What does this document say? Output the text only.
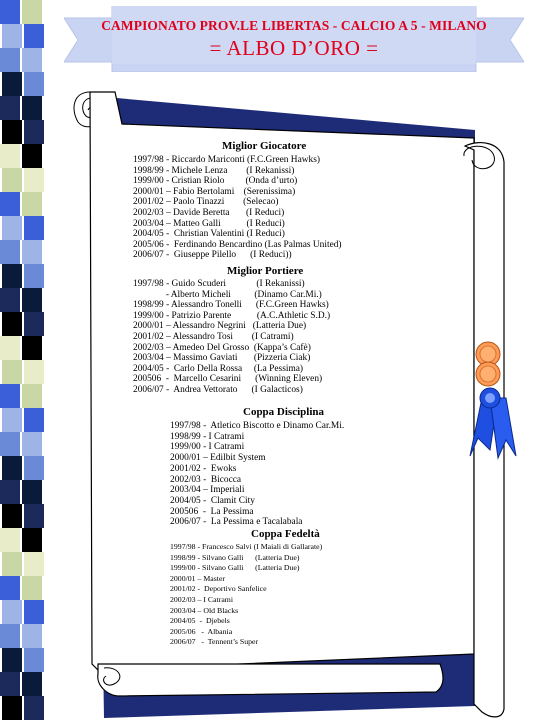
CAMPIONATO PROV.LE LIBERTAS - CALCIO A 5 - MILANO
= ALBO D’ORO =
Miglior Giocatore
1997/98 - Riccardo Mariconti (F.C.Green Hawks)
1998/99 - Michele Lenza        (I Rekanissi)
1999/00 - Cristian Riolo         (Onda d’urto)
2000/01 – Fabio Bertolami    (Serenissima)
2001/02 – Paolo Tinazzi        (Selecao)
2002/03 – Davide Beretta       (I Reduci)
2003/04 – Matteo Galli           (I Reduci)
2004/05 -  Christian Valentini (I Reduci)
2005/06 -  Ferdinando Bencardino (Las Palmas United)
2006/07 -  Giuseppe Pilello      (I Reduci))
Miglior Portiere
1997/98 - Guido Scuderi             (I Rekanissi)
- Alberto Micheli          (Dinamo Car.Mi.)
1998/99 - Alessandro Tonelli      (F.C.Green Hawks)
1999/00 - Patrizio Parente           (A.C.Athletic S.D.)
2000/01 – Alessandro Negrini   (Latteria Due)
2001/02 – Alessandro Tosi        (I Catrami)
2002/03 – Amedeo Del Grosso  (Kappa’s Cafè)
2003/04 – Massimo Gaviati       (Pizzeria Ciak)
2004/05 -  Carlo Della Rossa     (La Pessima)
200506  -  Marcello Cesarini      (Winning Eleven)
2006/07 -  Andrea Vettorato      (I Galacticos)
Coppa Disciplina
1997/98 -  Atletico Biscotto e Dinamo Car.Mi.
1998/99 - I Catrami
1999/00 - I Catrami
2000/01 – Edilbit System
2001/02 -  Ewoks
2002/03 -  Bicocca
2003/04 – Imperiali
2004/05 -  Clamit City
200506  -  La Pessima
2006/07 -  La Pessima e Tacalabala
Coppa Fedeltà
1997/98 - Francesco Salvi (I Maiali di Gallarate)
1998/99 - Silvano Galli      (Latteria Due)
1999/00 - Silvano Galli      (Latteria Due)
2000/01 – Master
2001/02 -  Deportivo Sanfelice
2002/03 – I Catrami
2003/04 – Old Blacks
2004/05  -  Djebels
2005/06   -  Albania
2006/07   -  Tennent’s Super
